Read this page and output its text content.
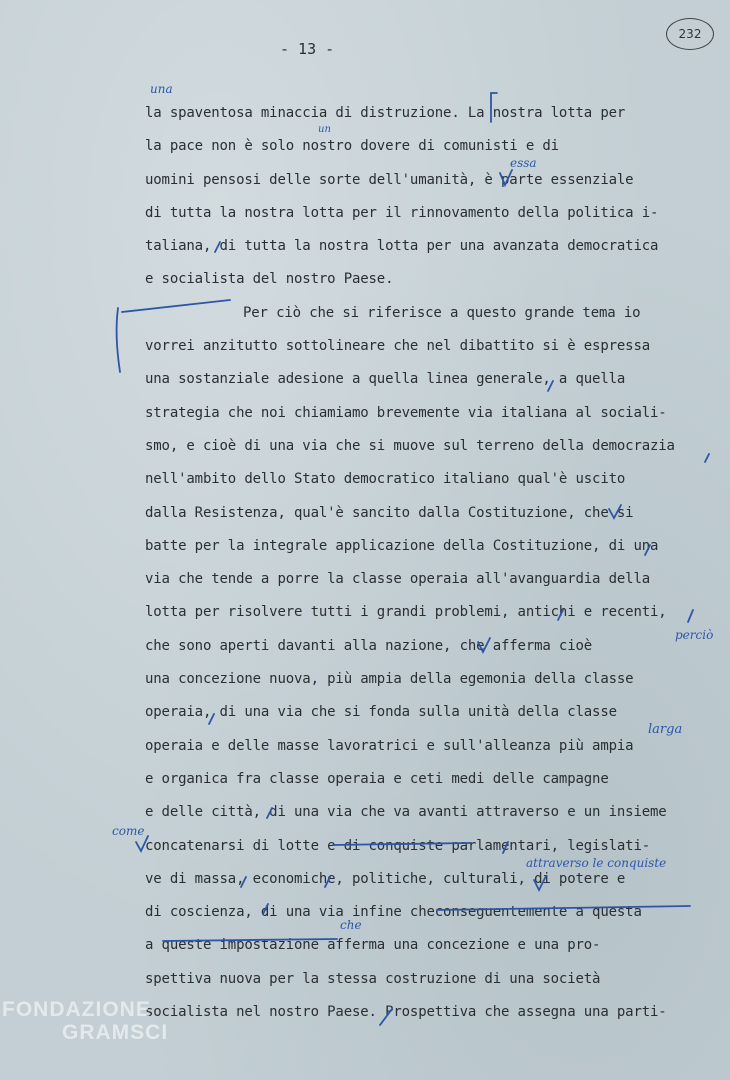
- 13 -
232
la spaventosa minaccia di distruzione. La nostra lotta per
la pace non è solo nostro dovere di comunisti e di
uomini pensosi delle sorte dell'umanità, è parte essenziale
di tutta la nostra lotta per il rinnovamento della politica i-
taliana, di tutta la nostra lotta per una avanzata democratica
e socialista del nostro Paese.
Per ciò che si riferisce a questo grande tema io
vorrei anzitutto sottolineare che nel dibattito si è espressa
una sostanziale adesione a quella linea generale, a quella
strategia che noi chiamiamo brevemente via italiana al sociali-
smo, e cioè di una via che si muove sul terreno della democrazia
nell'ambito dello Stato democratico italiano qual'è uscito
dalla Resistenza, qual'è sancito dalla Costituzione, che si
batte per la integrale applicazione della Costituzione, di una
via che tende a porre la classe operaia all'avanguardia della
lotta per risolvere tutti i grandi problemi, antichi e recenti,
che sono aperti davanti alla nazione, che afferma cioè
una concezione nuova, più ampia della egemonia della classe
operaia, di una via che si fonda sulla unità della classe
operaia e delle masse lavoratrici e sull'alleanza più ampia
e organica fra classe operaia e ceti medi delle campagne
e delle città, di una via che va avanti attraverso e un insieme
concatenarsi di lotte e di conquiste parlamentari, legislati-
ve di massa, economiche, politiche, culturali, di potere e
di coscienza, di una via infine checonseguentemente a questa
a queste impostazione afferma una concezione e una pro-
spettiva nuova per la stessa costruzione di una società
socialista nel nostro Paese. Prospettiva che assegna una parti-
una
un
essa
perciò
larga
come
attraverso le conquiste
che
FONDAZIONE
GRAMSCI
